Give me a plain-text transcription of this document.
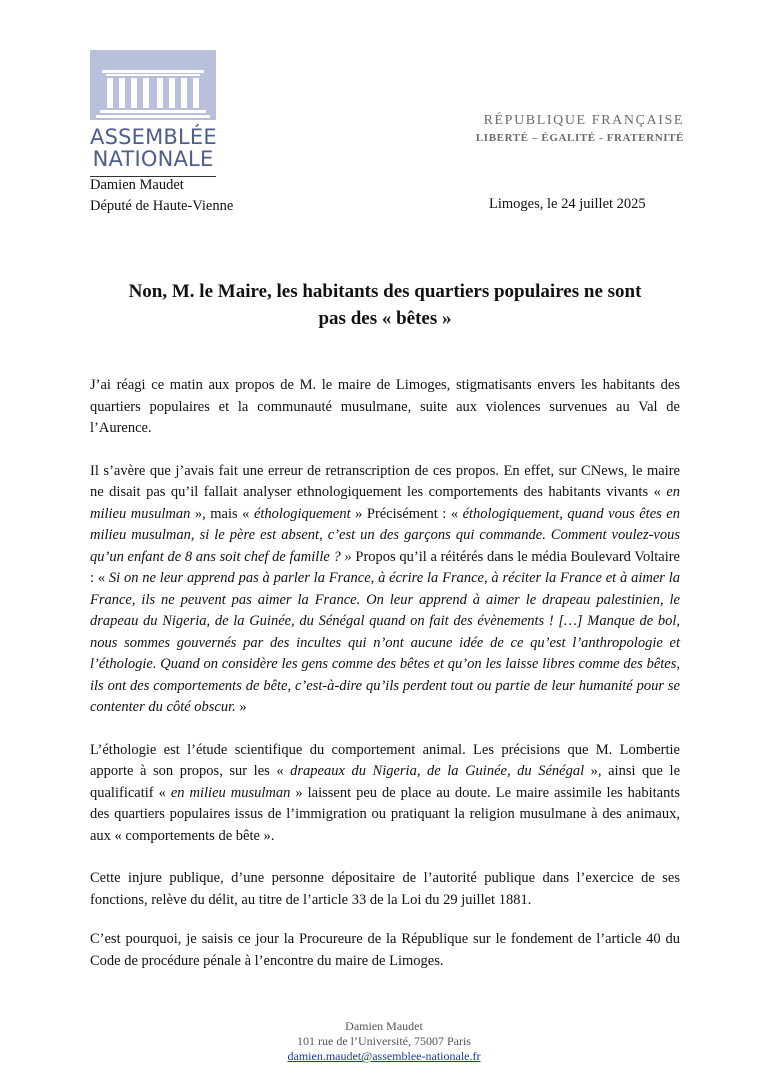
ASSEMBLÉE
NATIONALE
RÉPUBLIQUE FRANÇAISE
LIBERTÉ – ÉGALITÉ - FRATERNITÉ
Damien Maudet
Député de Haute-Vienne	Limoges, le 24 juillet 2025
Non, M. le Maire, les habitants des quartiers populaires ne sont
pas des « bêtes »

J’ai réagi ce matin aux propos de M. le maire de Limoges, stigmatisants envers les habitants des quartiers populaires et la communauté musulmane, suite aux violences survenues au Val de l’Aurence.

Il s’avère que j’avais fait une erreur de retranscription de ces propos. En effet, sur CNews, le maire ne disait pas qu’il fallait analyser ethnologiquement les comportements des habitants vivants « en milieu musulman », mais « éthologiquement » Précisément : « éthologiquement, quand vous êtes en milieu musulman, si le père est absent, c’est un des garçons qui commande. Comment voulez-vous qu’un enfant de 8 ans soit chef de famille ? » Propos qu’il a réitérés dans le média Boulevard Voltaire : « Si on ne leur apprend pas à parler la France, à écrire la France, à réciter la France et à aimer la France, ils ne peuvent pas aimer la France. On leur apprend à aimer le drapeau palestinien, le drapeau du Nigeria, de la Guinée, du Sénégal quand on fait des évènements ! […] Manque de bol, nous sommes gouvernés par des incultes qui n’ont aucune idée de ce qu’est l’anthropologie et l’éthologie. Quand on considère les gens comme des bêtes et qu’on les laisse libres comme des bêtes, ils ont des comportements de bête, c’est-à-dire qu’ils perdent tout ou partie de leur humanité pour se contenter du côté obscur. »

L’éthologie est l’étude scientifique du comportement animal. Les précisions que M. Lombertie apporte à son propos, sur les « drapeaux du Nigeria, de la Guinée, du Sénégal », ainsi que le qualificatif « en milieu musulman » laissent peu de place au doute. Le maire assimile les habitants des quartiers populaires issus de l’immigration ou pratiquant la religion musulmane à des animaux, aux « comportements de bête ».

Cette injure publique, d’une personne dépositaire de l’autorité publique dans l’exercice de ses fonctions, relève du délit, au titre de l’article 33 de la Loi du 29 juillet 1881.

C’est pourquoi, je saisis ce jour la Procureure de la République sur le fondement de l’article 40 du Code de procédure pénale à l’encontre du maire de Limoges.

Damien Maudet
101 rue de l’Université, 75007 Paris
damien.maudet@assemblee-nationale.fr
